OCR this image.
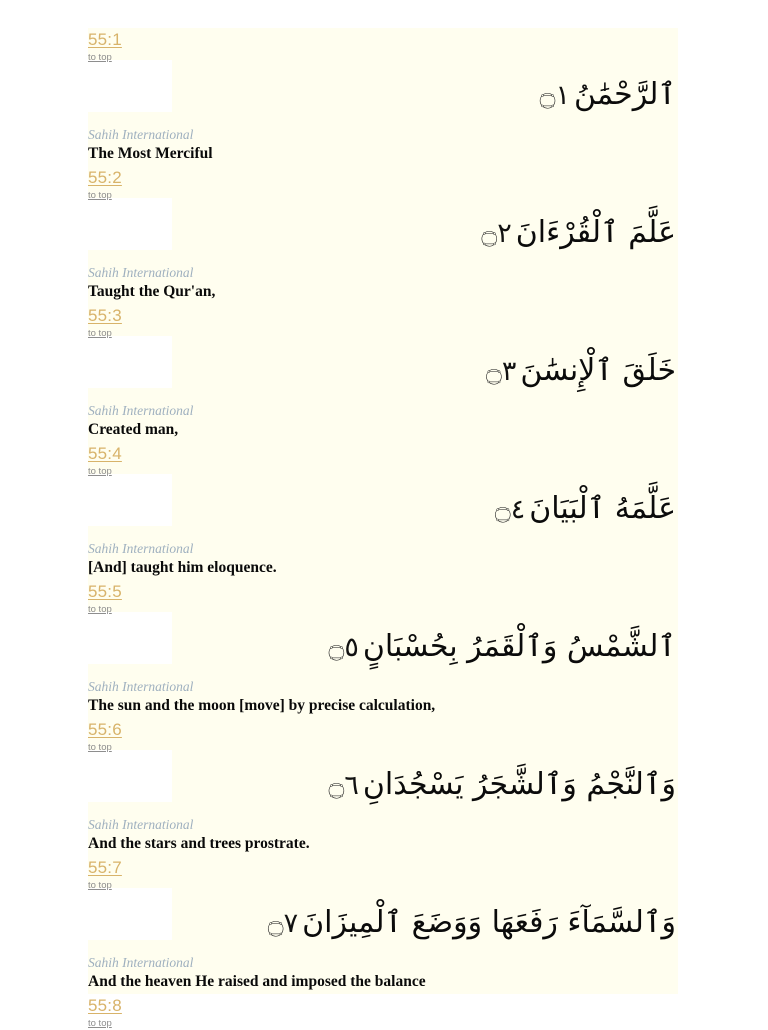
55:1
to top
ٱلرَّحْمَٰنُ ۝١
Sahih International
The Most Merciful
55:2
to top
عَلَّمَ ٱلْقُرْءَانَ ۝٢
Sahih International
Taught the Qur'an,
55:3
to top
خَلَقَ ٱلْإِنسَٰنَ ۝٣
Sahih International
Created man,
55:4
to top
عَلَّمَهُ ٱلْبَيَانَ ۝٤
Sahih International
[And] taught him eloquence.
55:5
to top
ٱلشَّمْسُ وَٱلْقَمَرُ بِحُسْبَانٍ ۝٥
Sahih International
The sun and the moon [move] by precise calculation,
55:6
to top
وَٱلنَّجْمُ وَٱلشَّجَرُ يَسْجُدَانِ ۝٦
Sahih International
And the stars and trees prostrate.
55:7
to top
وَٱلسَّمَآءَ رَفَعَهَا وَوَضَعَ ٱلْمِيزَانَ ۝٧
Sahih International
And the heaven He raised and imposed the balance
55:8
to top
